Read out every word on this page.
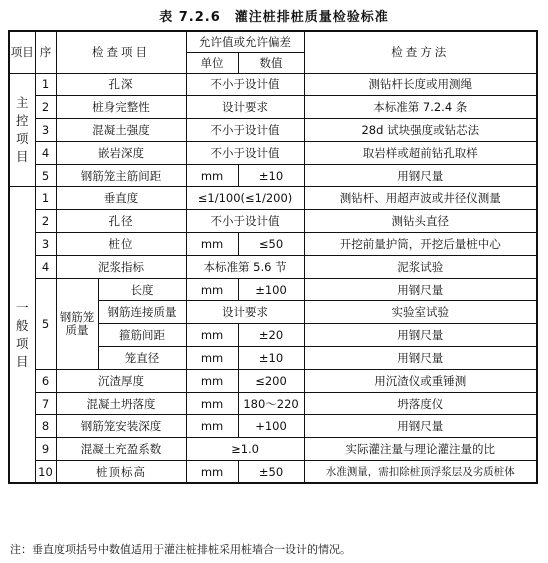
表 7.2.6　灌注桩排桩质量检验标准
项目	序	检查项目		允许值或允许偏差		检查方法
				单位	数值	
主控项目	1	孔深		不小于设计值		测钻杆长度或用测绳
	2	桩身完整性		设计要求		本标准第 7.2.4 条
	3	混凝土强度		不小于设计值		28d 试块强度或钻芯法
	4	嵌岩深度		不小于设计值		取岩样或超前钻孔取样
	5	钢筋笼主筋间距		mm	±10	用钢尺量
一般项目	1	垂直度		≤1/100(≤1/200)		测钻杆、用超声波或井径仪测量
	2	孔径		不小于设计值		测钻头直径
	3	桩位		mm	≤50	开挖前量护筒，开挖后量桩中心
	4	泥浆指标		本标准第 5.6 节		泥浆试验
	5	钢筋笼质量	长度	mm	±100	用钢尺量
			钢筋连接质量	设计要求		实验室试验
			箍筋间距	mm	±20	用钢尺量
			笼直径	mm	±10	用钢尺量
	6	沉渣厚度		mm	≤200	用沉渣仪或重锤测
	7	混凝土坍落度		mm	180～220	坍落度仪
	8	钢筋笼安装深度		mm	+100	用钢尺量
	9	混凝土充盈系数		≥1.0		实际灌注量与理论灌注量的比
	10	桩顶标高		mm	±50	水准测量，需扣除桩顶浮浆层及劣质桩体
注：垂直度项括号中数值适用于灌注桩排桩采用桩墙合一设计的情况。
